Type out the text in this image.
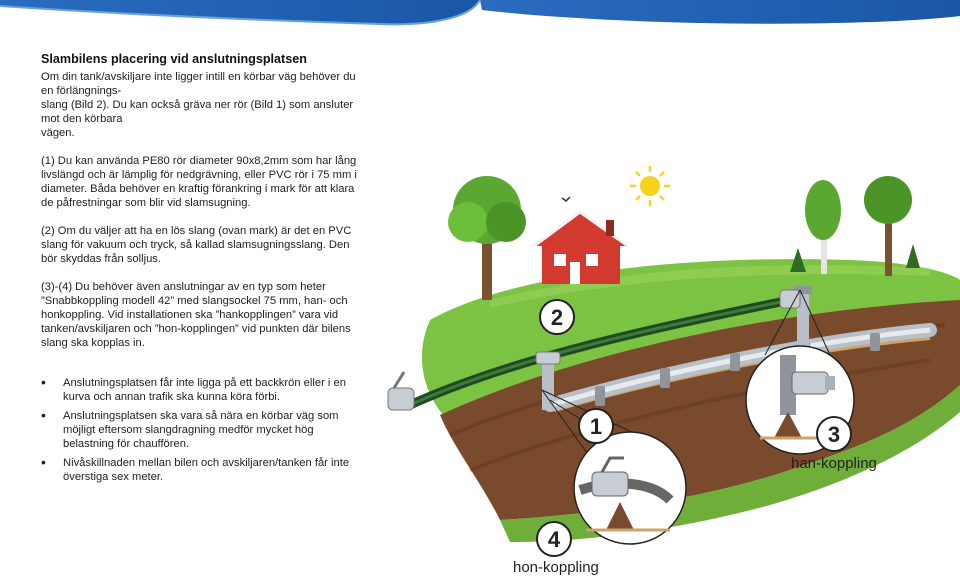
Slambilens placering vid anslutningsplatsen

Om din tank/avskiljare inte ligger intill en körbar väg behöver du en förlängnings-
slang (Bild 2). Du kan också gräva ner rör (Bild 1) som ansluter mot den körbara
vägen.

(1) Du kan använda PE80 rör diameter 90x8,2mm som har lång
livslängd och är lämplig för nedgrävning, eller PVC rör i 75 mm i
diameter. Båda behöver en kraftig förankring i mark för att klara
de påfrestningar som blir vid slamsugning.

(2) Om du väljer att ha en lös slang (ovan mark) är det en PVC
slang för vakuum och tryck, så kallad slamsugningsslang. Den
bör skyddas från solljus.

(3)-(4) Du behöver även anslutningar av en typ som heter
”Snabbkoppling modell 42” med slangsockel 75 mm, han- och
honkoppling. Vid installationen ska ”hankopplingen” vara vid
tanken/avskiljaren och ”hon-kopplingen” vid punkten där bilens
slang ska kopplas in.

• Anslutningsplatsen får inte ligga på ett backkrön eller i en
kurva och annan trafik ska kunna köra förbi.
• Anslutningsplatsen ska vara så nära en körbar väg som
möjligt eftersom slangdragning medför mycket hög
belastning för chauffören.
• Nivåskillnaden mellan bilen och avskiljaren/tanken får inte
överstiga sex meter.
2
1	3
4
han-koppling
hon-koppling
